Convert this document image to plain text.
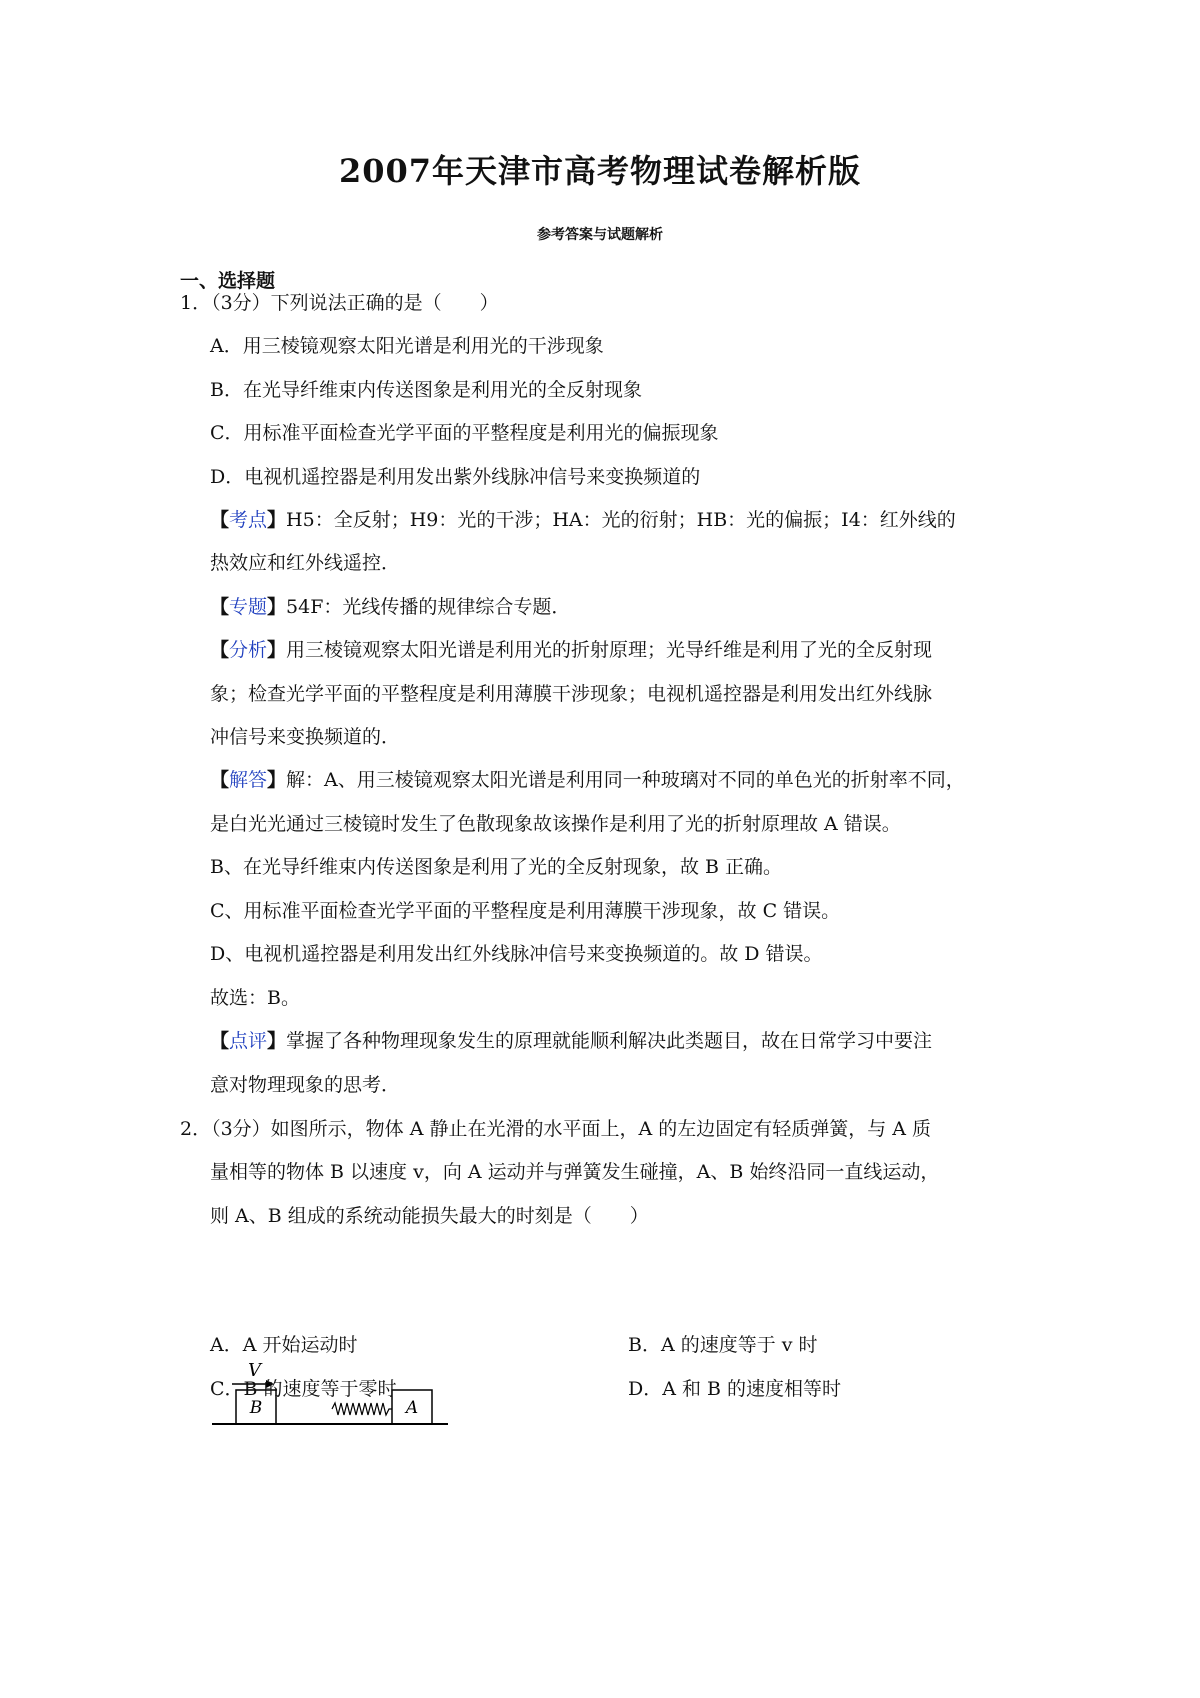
2007年天津市高考物理试卷解析版
参考答案与试题解析
一、选择题
1．（3分）下列说法正确的是（　　）
A．用三棱镜观察太阳光谱是利用光的干涉现象
B．在光导纤维束内传送图象是利用光的全反射现象
C．用标准平面检查光学平面的平整程度是利用光的偏振现象
D．电视机遥控器是利用发出紫外线脉冲信号来变换频道的
【考点】H5：全反射；H9：光的干涉；HA：光的衍射；HB：光的偏振；I4：红外线的
热效应和红外线遥控．
【专题】54F：光线传播的规律综合专题．
【分析】用三棱镜观察太阳光谱是利用光的折射原理；光导纤维是利用了光的全反射现
象；检查光学平面的平整程度是利用薄膜干涉现象；电视机遥控器是利用发出红外线脉
冲信号来变换频道的．
【解答】解：A、用三棱镜观察太阳光谱是利用同一种玻璃对不同的单色光的折射率不同，
是白光光通过三棱镜时发生了色散现象故该操作是利用了光的折射原理故 A 错误。
B、在光导纤维束内传送图象是利用了光的全反射现象，故 B 正确。
C、用标准平面检查光学平面的平整程度是利用薄膜干涉现象，故 C 错误。
D、电视机遥控器是利用发出红外线脉冲信号来变换频道的。故 D 错误。
故选：B。
【点评】掌握了各种物理现象发生的原理就能顺利解决此类题目，故在日常学习中要注
意对物理现象的思考．
2．（3分）如图所示，物体 A 静止在光滑的水平面上，A 的左边固定有轻质弹簧，与 A 质
量相等的物体 B 以速度 v，向 A 运动并与弹簧发生碰撞，A、B 始终沿同一直线运动，
则 A、B 组成的系统动能损失最大的时刻是（　　）
V
B	A
A．A 开始运动时	B．A 的速度等于 v 时
C．B 的速度等于零时	D．A 和 B 的速度相等时
